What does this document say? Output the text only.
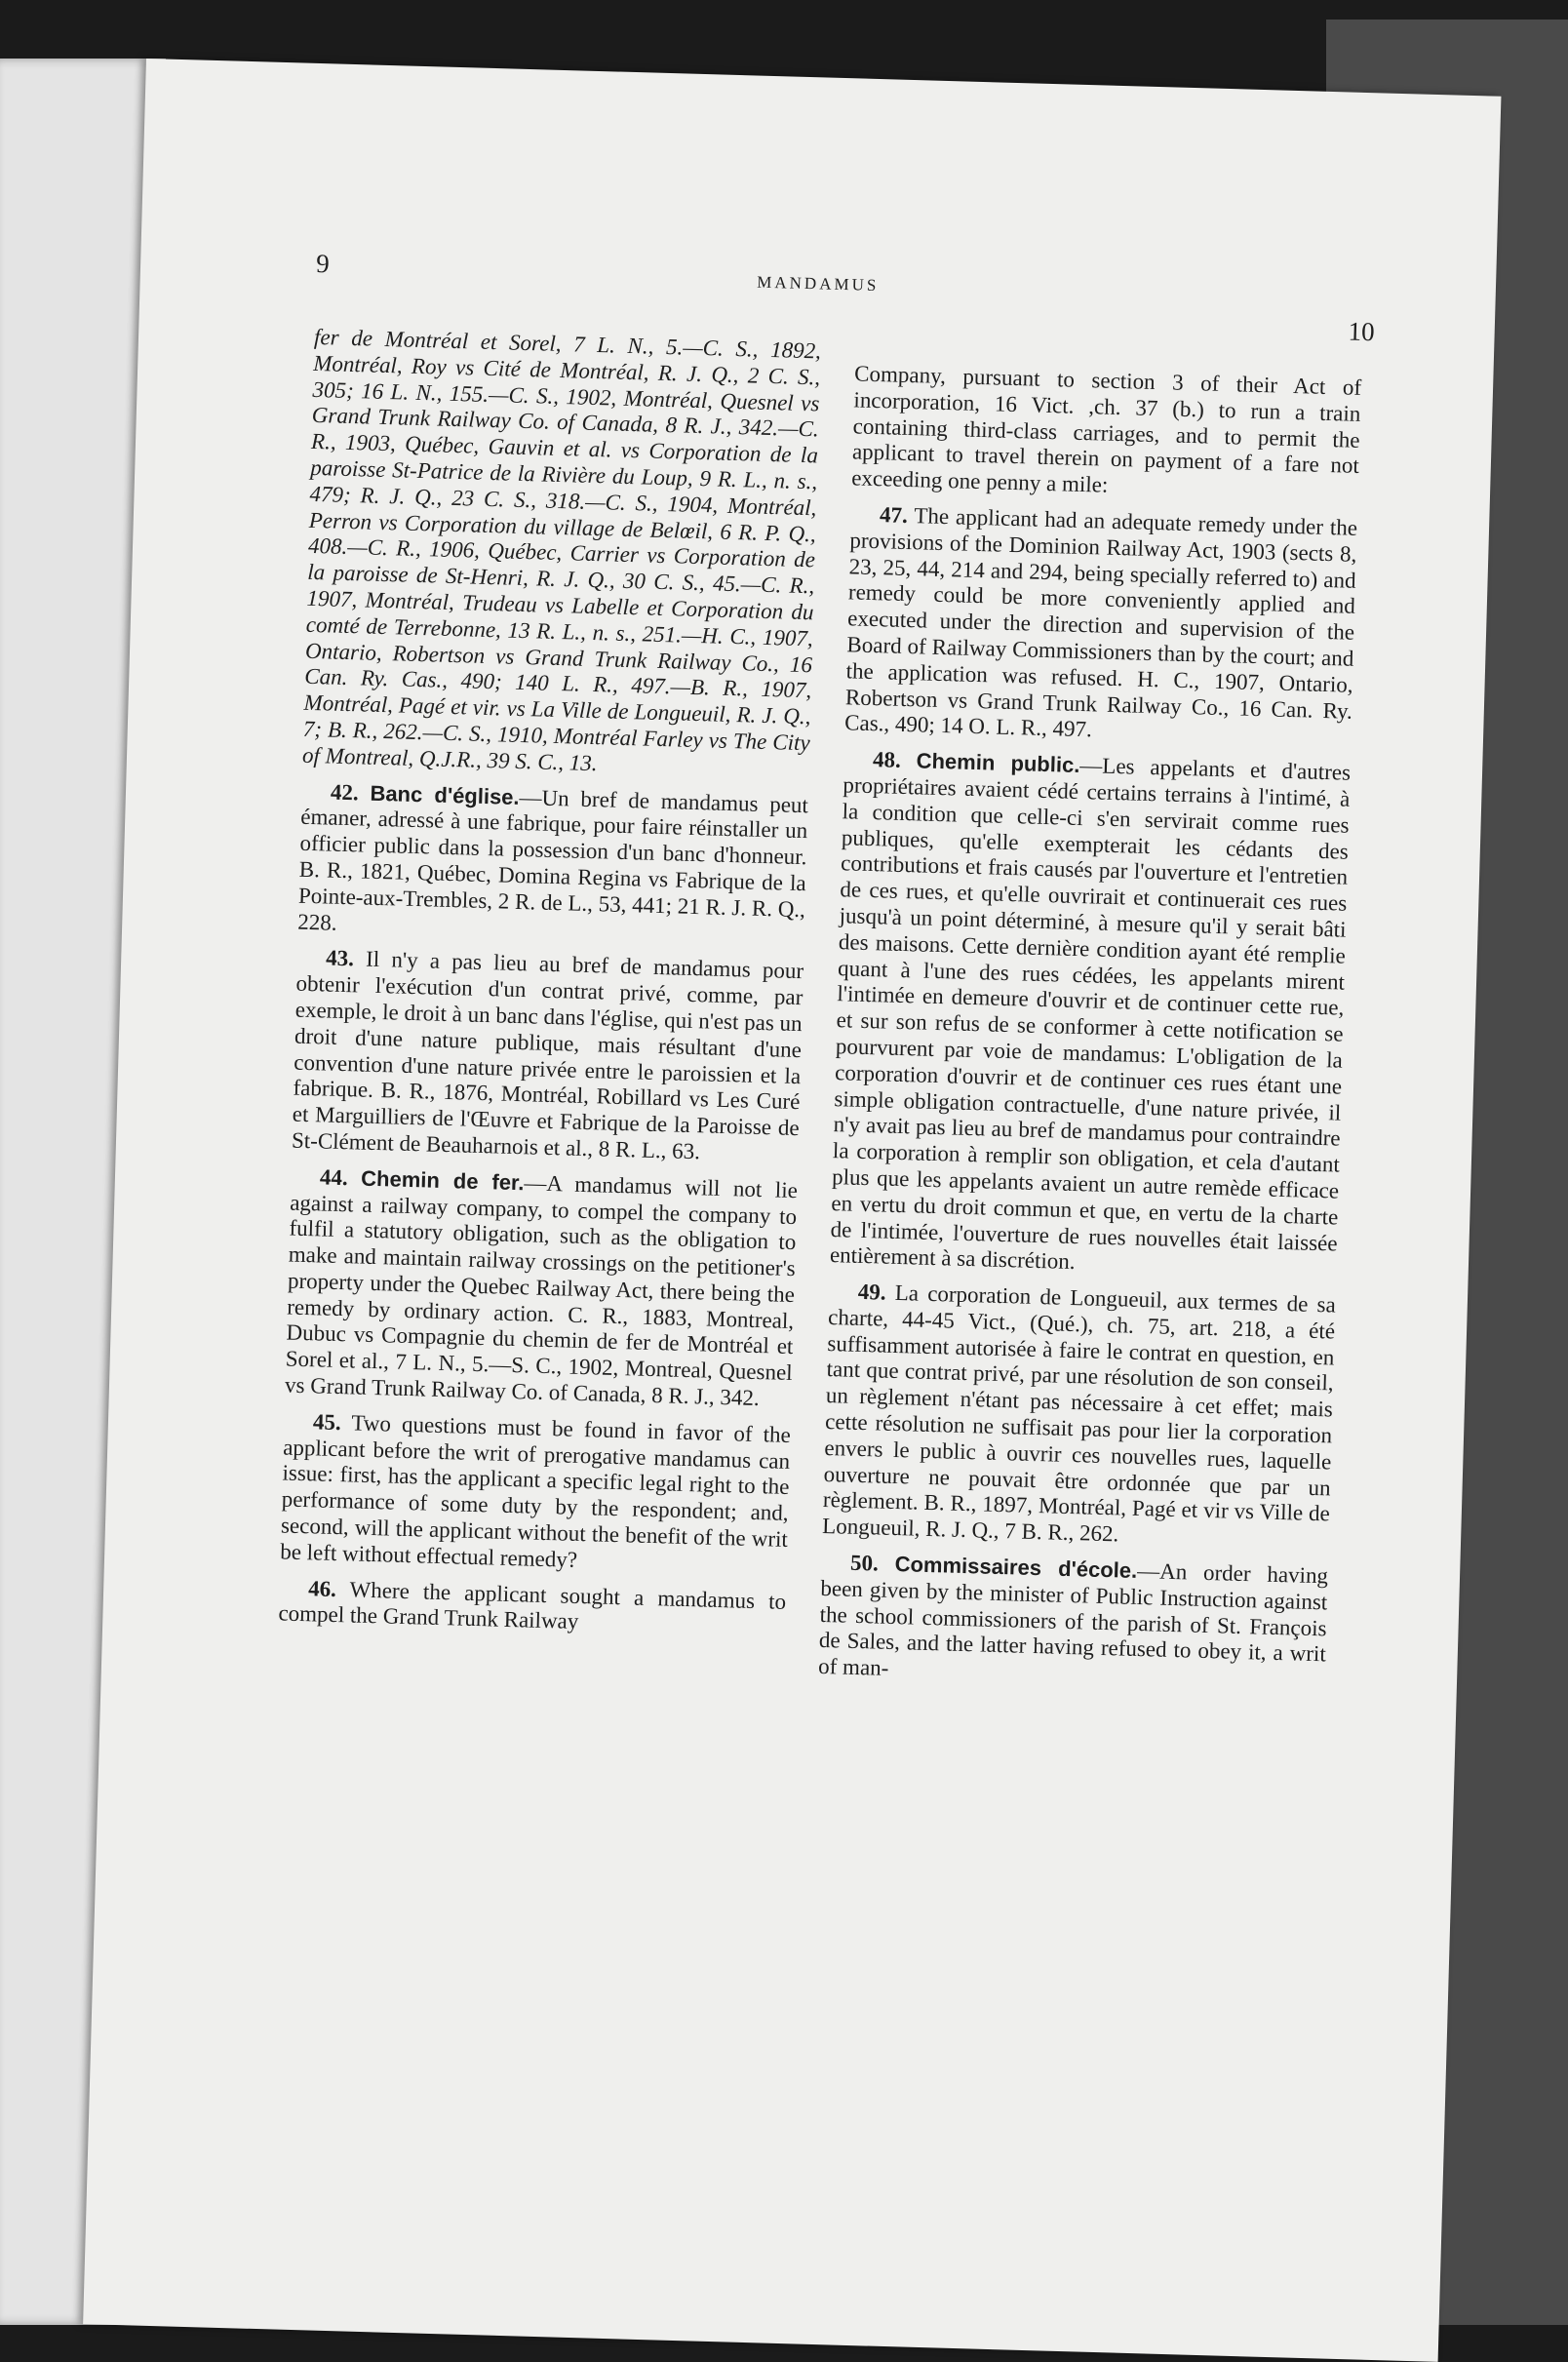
9
MANDAMUS
10

fer de Montréal et Sorel, 7 L. N., 5.—C. S., 1892, Montréal, Roy vs Cité de Montréal, R. J. Q., 2 C. S., 305; 16 L. N., 155.—C. S., 1902, Montréal, Quesnel vs Grand Trunk Railway Co. of Canada, 8 R. J., 342.—C. R., 1903, Québec, Gauvin et al. vs Corporation de la paroisse St-Patrice de la Rivière du Loup, 9 R. L., n. s., 479; R. J. Q., 23 C. S., 318.—C. S., 1904, Montréal, Perron vs Corporation du village de Belœil, 6 R. P. Q., 408.—C. R., 1906, Québec, Carrier vs Corporation de la paroisse de St-Henri, R. J. Q., 30 C. S., 45.—C. R., 1907, Montréal, Trudeau vs Labelle et Corporation du comté de Terrebonne, 13 R. L., n. s., 251.—H. C., 1907, Ontario, Robertson vs Grand Trunk Railway Co., 16 Can. Ry. Cas., 490; 140 L. R., 497.—B. R., 1907, Montréal, Pagé et vir. vs La Ville de Longueuil, R. J. Q., 7; B. R., 262.—C. S., 1910, Montréal Farley vs The City of Montreal, Q.J.R., 39 S. C., 13.

42. Banc d'église.—Un bref de mandamus peut émaner, adressé à une fabrique, pour faire réinstaller un officier public dans la possession d'un banc d'honneur. B. R., 1821, Québec, Domina Regina vs Fabrique de la Pointe-aux-Trembles, 2 R. de L., 53, 441; 21 R. J. R. Q., 228.

43. Il n'y a pas lieu au bref de mandamus pour obtenir l'exécution d'un contrat privé, comme, par exemple, le droit à un banc dans l'église, qui n'est pas un droit d'une nature publique, mais résultant d'une convention d'une nature privée entre le paroissien et la fabrique. B. R., 1876, Montréal, Robillard vs Les Curé et Marguilliers de l'Œuvre et Fabrique de la Paroisse de St-Clément de Beauharnois et al., 8 R. L., 63.

44. Chemin de fer.—A mandamus will not lie against a railway company, to compel the company to fulfil a statutory obligation, such as the obligation to make and maintain railway crossings on the petitioner's property under the Quebec Railway Act, there being the remedy by ordinary action. C. R., 1883, Montreal, Dubuc vs Compagnie du chemin de fer de Montréal et Sorel et al., 7 L. N., 5.—S. C., 1902, Montreal, Quesnel vs Grand Trunk Railway Co. of Canada, 8 R. J., 342.

45. Two questions must be found in favor of the applicant before the writ of prerogative mandamus can issue: first, has the applicant a specific legal right to the performance of some duty by the respondent; and, second, will the applicant without the benefit of the writ be left without effectual remedy?

46. Where the applicant sought a mandamus to compel the Grand Trunk Railway

Company, pursuant to section 3 of their Act of incorporation, 16 Vict. ,ch. 37 (b.) to run a train containing third-class carriages, and to permit the applicant to travel therein on payment of a fare not exceeding one penny a mile:

47. The applicant had an adequate remedy under the provisions of the Dominion Railway Act, 1903 (sects 8, 23, 25, 44, 214 and 294, being specially referred to) and remedy could be more conveniently applied and executed under the direction and supervision of the Board of Railway Commissioners than by the court; and the application was refused. H. C., 1907, Ontario, Robertson vs Grand Trunk Railway Co., 16 Can. Ry. Cas., 490; 14 O. L. R., 497.

48. Chemin public.—Les appelants et d'autres propriétaires avaient cédé certains terrains à l'intimé, à la condition que celle-ci s'en servirait comme rues publiques, qu'elle exempterait les cédants des contributions et frais causés par l'ouverture et l'entretien de ces rues, et qu'elle ouvrirait et continuerait ces rues jusqu'à un point déterminé, à mesure qu'il y serait bâti des maisons. Cette dernière condition ayant été remplie quant à l'une des rues cédées, les appelants mirent l'intimée en demeure d'ouvrir et de continuer cette rue, et sur son refus de se conformer à cette notification se pourvurent par voie de mandamus: L'obligation de la corporation d'ouvrir et de continuer ces rues étant une simple obligation contractuelle, d'une nature privée, il n'y avait pas lieu au bref de mandamus pour contraindre la corporation à remplir son obligation, et cela d'autant plus que les appelants avaient un autre remède efficace en vertu du droit commun et que, en vertu de la charte de l'intimée, l'ouverture de rues nouvelles était laissée entièrement à sa discrétion.

49. La corporation de Longueuil, aux termes de sa charte, 44-45 Vict., (Qué.), ch. 75, art. 218, a été suffisamment autorisée à faire le contrat en question, en tant que contrat privé, par une résolution de son conseil, un règlement n'étant pas nécessaire à cet effet; mais cette résolution ne suffisait pas pour lier la corporation envers le public à ouvrir ces nouvelles rues, laquelle ouverture ne pouvait être ordonnée que par un règlement. B. R., 1897, Montréal, Pagé et vir vs Ville de Longueuil, R. J. Q., 7 B. R., 262.

50. Commissaires d'école.—An order having been given by the minister of Public Instruction against the school commissioners of the parish of St. François de Sales, and the latter having refused to obey it, a writ of man-
